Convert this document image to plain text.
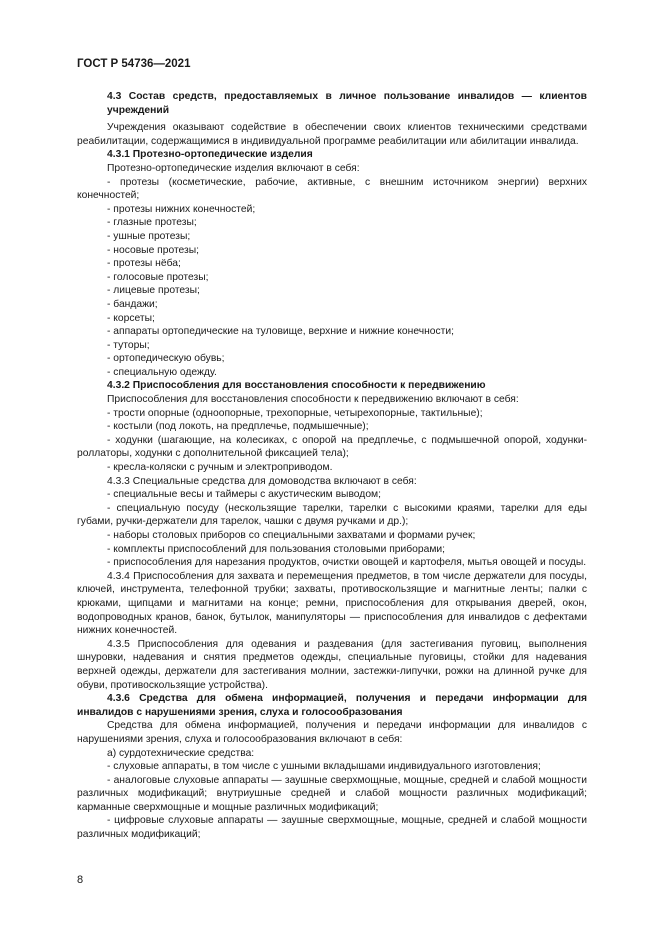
ГОСТ Р 54736—2021

4.3 Состав средств, предоставляемых в личное пользование инвалидов — клиентов учреждений

Учреждения оказывают содействие в обеспечении своих клиентов техническими средствами реабилитации, содержащимися в индивидуальной программе реабилитации или абилитации инвалида.

4.3.1 Протезно-ортопедические изделия

Протезно-ортопедические изделия включают в себя:

- протезы (косметические, рабочие, активные, с внешним источником энергии) верхних конечностей;

- протезы нижних конечностей;

- глазные протезы;

- ушные протезы;

- носовые протезы;

- протезы нёба;

- голосовые протезы;

- лицевые протезы;

- бандажи;

- корсеты;

- аппараты ортопедические на туловище, верхние и нижние конечности;

- туторы;

- ортопедическую обувь;

- специальную одежду.

4.3.2 Приспособления для восстановления способности к передвижению

Приспособления для восстановления способности к передвижению включают в себя:

- трости опорные (одноопорные, трехопорные, четырехопорные, тактильные);

- костыли (под локоть, на предплечье, подмышечные);

- ходунки (шагающие, на колесиках, с опорой на предплечье, с подмышечной опорой, ходунки-роллаторы, ходунки с дополнительной фиксацией тела);

- кресла-коляски с ручным и электроприводом.

4.3.3 Специальные средства для домоводства включают в себя:

- специальные весы и таймеры с акустическим выводом;

- специальную посуду (нескользящие тарелки, тарелки с высокими краями, тарелки для еды губами, ручки-держатели для тарелок, чашки с двумя ручками и др.);

- наборы столовых приборов со специальными захватами и формами ручек;

- комплекты приспособлений для пользования столовыми приборами;

- приспособления для нарезания продуктов, очистки овощей и картофеля, мытья овощей и посуды.

4.3.4 Приспособления для захвата и перемещения предметов, в том числе держатели для посуды, ключей, инструмента, телефонной трубки; захваты, противоскользящие и магнитные ленты; палки с крюками, щипцами и магнитами на конце; ремни, приспособления для открывания дверей, окон, водопроводных кранов, банок, бутылок, манипуляторы — приспособления для инвалидов с дефектами нижних конечностей.

4.3.5 Приспособления для одевания и раздевания (для застегивания пуговиц, выполнения шнуровки, надевания и снятия предметов одежды, специальные пуговицы, стойки для надевания верхней одежды, держатели для застегивания молнии, застежки-липучки, рожки на длинной ручке для обуви, противоскользящие устройства).

4.3.6 Средства для обмена информацией, получения и передачи информации для инвалидов с нарушениями зрения, слуха и голосообразования

Средства для обмена информацией, получения и передачи информации для инвалидов с нарушениями зрения, слуха и голосообразования включают в себя:

а) сурдотехнические средства:

- слуховые аппараты, в том числе с ушными вкладышами индивидуального изготовления;

- аналоговые слуховые аппараты — заушные сверхмощные, мощные, средней и слабой мощности различных модификаций; внутриушные средней и слабой мощности различных модификаций; карманные сверхмощные и мощные различных модификаций;

- цифровые слуховые аппараты — заушные сверхмощные, мощные, средней и слабой мощности различных модификаций;

8
